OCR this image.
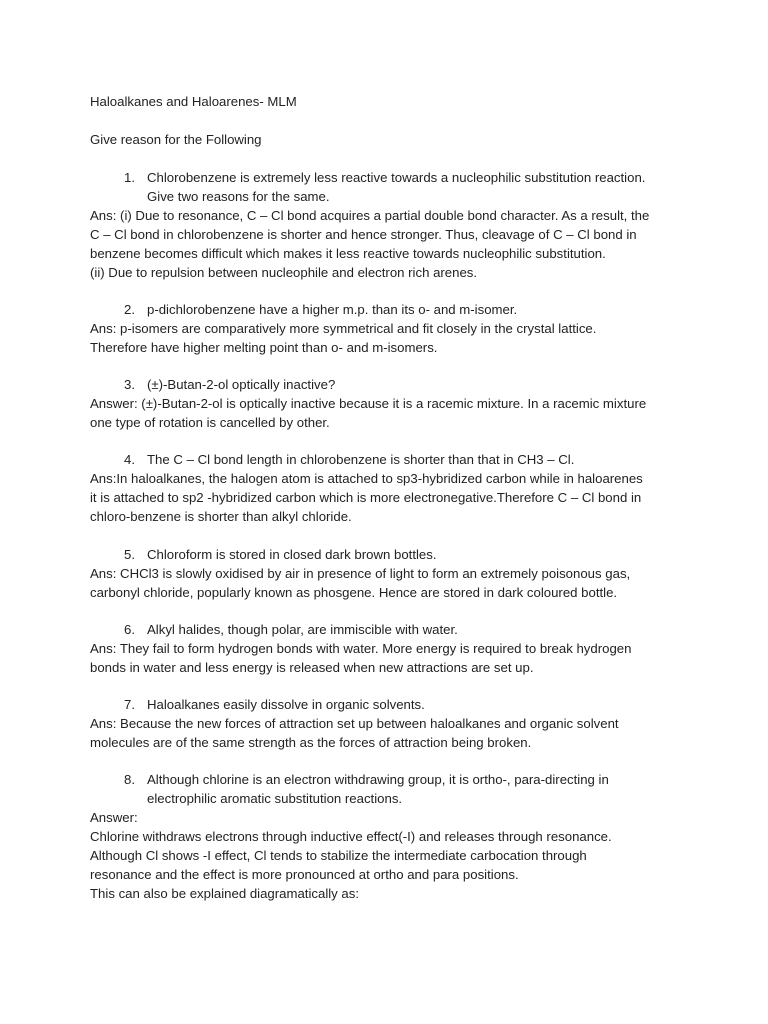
Haloalkanes and Haloarenes- MLM
Give reason for the Following
1. Chlorobenzene is extremely less reactive towards a nucleophilic substitution reaction.
Give two reasons for the same.
Ans: (i) Due to resonance, C – Cl bond acquires a partial double bond character. As a result, the
C – Cl bond in chlorobenzene is shorter and hence stronger. Thus, cleavage of C – Cl bond in
benzene becomes difficult which makes it less reactive towards nucleophilic substitution.
(ii) Due to repulsion between nucleophile and electron rich arenes.
2. p-dichlorobenzene have a higher m.p. than its o- and m-isomer.
Ans: p-isomers are comparatively more symmetrical and fit closely in the crystal lattice.
Therefore have higher melting point than o- and m-isomers.
3. (±)-Butan-2-ol optically inactive?
Answer: (±)-Butan-2-ol is optically inactive because it is a racemic mixture. In a racemic mixture
one type of rotation is cancelled by other.
4. The C – Cl bond length in chlorobenzene is shorter than that in CH3 – Cl.
Ans:In haloalkanes, the halogen atom is attached to sp3-hybridized carbon while in haloarenes
it is attached to sp2 -hybridized carbon which is more electronegative.Therefore C – Cl bond in
chloro-benzene is shorter than alkyl chloride.
5. Chloroform is stored in closed dark brown bottles.
Ans: CHCl3 is slowly oxidised by air in presence of light to form an extremely poisonous gas,
carbonyl chloride, popularly known as phosgene. Hence are stored in dark coloured bottle.
6. Alkyl halides, though polar, are immiscible with water.
Ans: They fail to form hydrogen bonds with water. More energy is required to break hydrogen
bonds in water and less energy is released when new attractions are set up.
7. Haloalkanes easily dissolve in organic solvents.
Ans: Because the new forces of attraction set up between haloalkanes and organic solvent
molecules are of the same strength as the forces of attraction being broken.
8. Although chlorine is an electron withdrawing group, it is ortho-, para-directing in
electrophilic aromatic substitution reactions.
Answer:
Chlorine withdraws electrons through inductive effect(-I) and releases through resonance.
Although Cl shows -I effect, Cl tends to stabilize the intermediate carbocation through
resonance and the effect is more pronounced at ortho and para positions.
This can also be explained diagramatically as:
